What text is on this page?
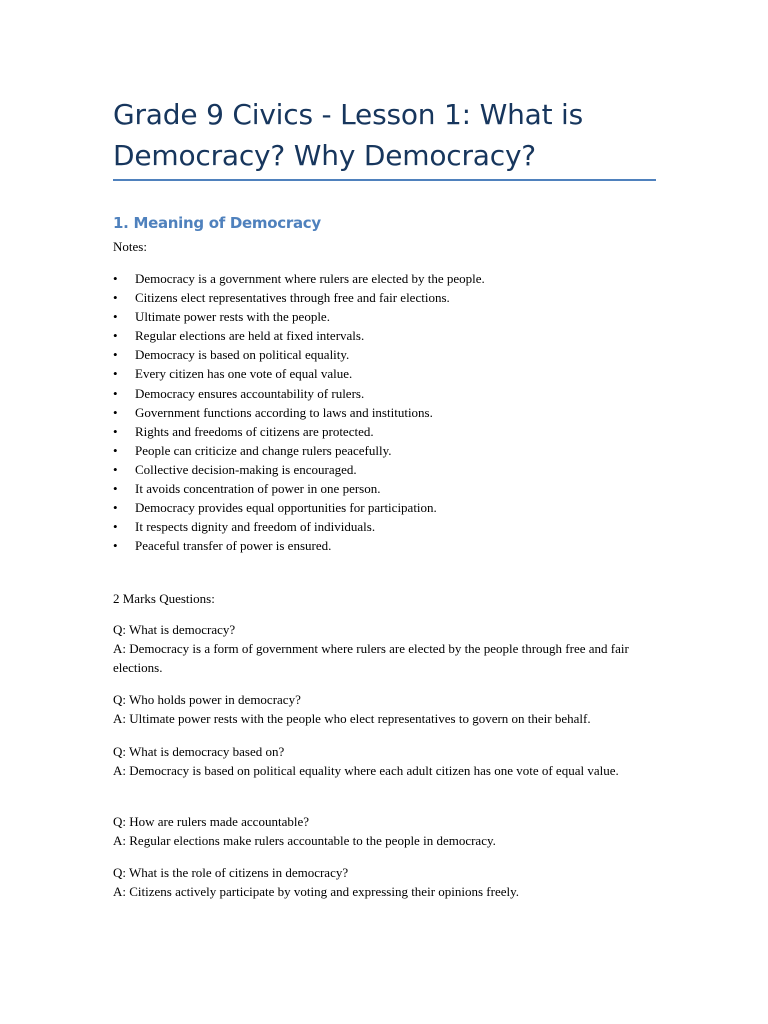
Grade 9 Civics - Lesson 1: What is Democracy? Why Democracy?
1. Meaning of Democracy
Notes:
• Democracy is a government where rulers are elected by the people.
• Citizens elect representatives through free and fair elections.
• Ultimate power rests with the people.
• Regular elections are held at fixed intervals.
• Democracy is based on political equality.
• Every citizen has one vote of equal value.
• Democracy ensures accountability of rulers.
• Government functions according to laws and institutions.
• Rights and freedoms of citizens are protected.
• People can criticize and change rulers peacefully.
• Collective decision-making is encouraged.
• It avoids concentration of power in one person.
• Democracy provides equal opportunities for participation.
• It respects dignity and freedom of individuals.
• Peaceful transfer of power is ensured.
2 Marks Questions:

Q: What is democracy?

A: Democracy is a form of government where rulers are elected by the people through free and fair elections.

Q: Who holds power in democracy?

A: Ultimate power rests with the people who elect representatives to govern on their behalf.

Q: What is democracy based on?

A: Democracy is based on political equality where each adult citizen has one vote of equal value.

Q: How are rulers made accountable?

A: Regular elections make rulers accountable to the people in democracy.

Q: What is the role of citizens in democracy?

A: Citizens actively participate by voting and expressing their opinions freely.
